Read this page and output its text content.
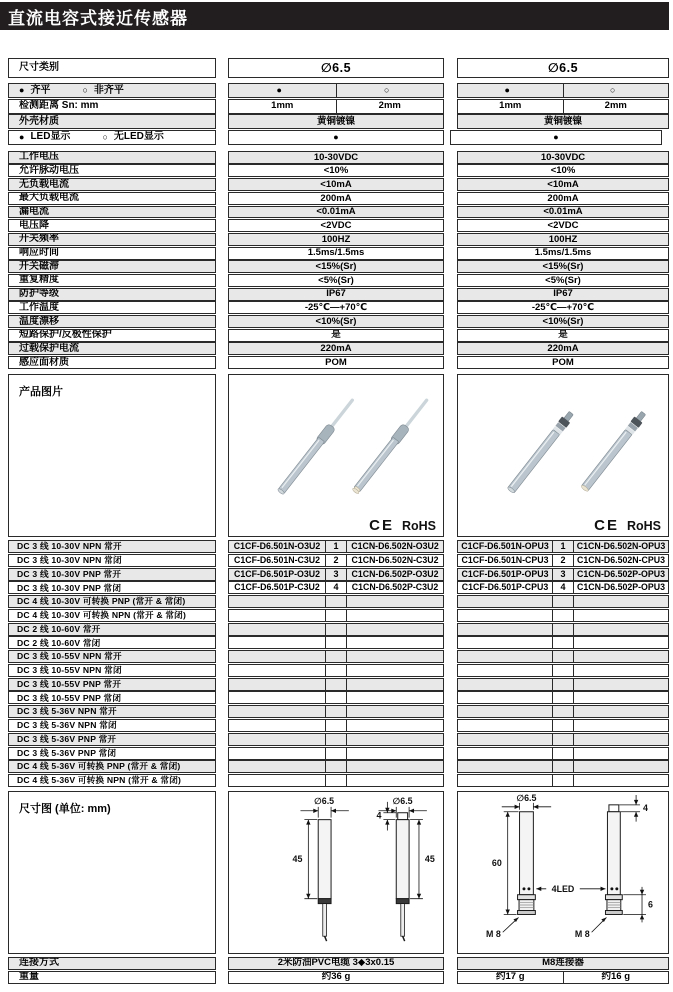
直流电容式接近传感器
尺寸类别	∅6.5	∅6.5
● 齐平	○ 非齐平	●	○	●	○
检测距离 Sn: mm	1mm	2mm	1mm	2mm
外壳材质	黄铜镀镍	黄铜镀镍
● LED显示	○ 无LED显示	●	●
工作电压	10-30VDC	10-30VDC
允许脉动电压	<10%	<10%
无负载电流	<10mA	<10mA
最大负载电流	200mA	200mA
漏电流	<0.01mA	<0.01mA
电压降	<2VDC	<2VDC
开关频率	100HZ	100HZ
响应时间	1.5ms/1.5ms	1.5ms/1.5ms
开关磁滞	<15%(Sr)	<15%(Sr)
重复精度	<5%(Sr)	<5%(Sr)
防护等级	IP67	IP67
工作温度	-25℃—+70℃	-25℃—+70℃
温度漂移	<10%(Sr)	<10%(Sr)
短路保护/反极性保护	是	是
过载保护电流	220mA	220mA
感应面材质	POM	POM
产品图片
CE RoHS	CE RoHS
DC 3 线 10-30V NPN 常开	C1CF-D6.501N-O3U2	1	C1CN-D6.502N-O3U2	C1CF-D6.501N-OPU3	1	C1CN-D6.502N-OPU3
DC 3 线 10-30V NPN 常闭	C1CF-D6.501N-C3U2	2	C1CN-D6.502N-C3U2	C1CF-D6.501N-CPU3	2	C1CN-D6.502N-CPU3
DC 3 线 10-30V PNP 常开	C1CF-D6.501P-O3U2	3	C1CN-D6.502P-O3U2	C1CF-D6.501P-OPU3	3	C1CN-D6.502P-OPU3
DC 3 线 10-30V PNP 常闭	C1CF-D6.501P-C3U2	4	C1CN-D6.502P-C3U2	C1CF-D6.501P-CPU3	4	C1CN-D6.502P-OPU3
DC 4 线 10-30V 可转换 PNP (常开 & 常闭)
DC 4 线 10-30V 可转换 NPN (常开 & 常闭)
DC 2 线 10-60V 常开
DC 2 线 10-60V 常闭
DC 3 线 10-55V NPN 常开
DC 3 线 10-55V NPN 常闭
DC 3 线 10-55V PNP 常开
DC 3 线 10-55V PNP 常闭
DC 3 线 5-36V NPN 常开
DC 3 线 5-36V NPN 常闭
DC 3 线 5-36V PNP 常开
DC 3 线 5-36V PNP 常闭
DC 4 线 5-36V 可转换 PNP (常开 & 常闭)
DC 4 线 5-36V 可转换 NPN (常开 & 常闭)
尺寸图 (单位: mm)
∅6.5	∅6.5
45	45
4
∅6.5
60
4
4LED
6
M 8	M 8
连接方式	2米防油PVC电缆 3◆3x0.15	M8连接器
重量	约36 g	约17 g	约16 g
